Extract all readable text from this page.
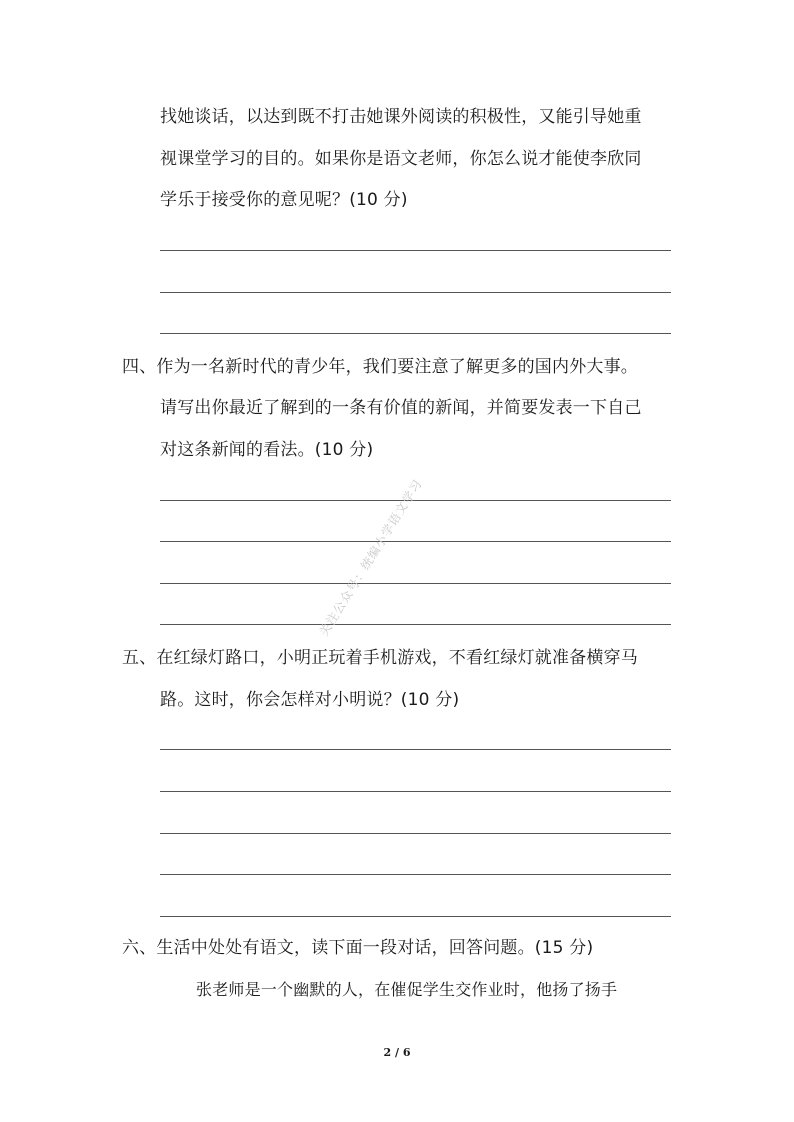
找她谈话，以达到既不打击她课外阅读的积极性，又能引导她重
视课堂学习的目的。如果你是语文老师，你怎么说才能使李欣同
学乐于接受你的意见呢？(10 分)
四、作为一名新时代的青少年，我们要注意了解更多的国内外大事。
请写出你最近了解到的一条有价值的新闻，并简要发表一下自己
对这条新闻的看法。(10 分)
五、在红绿灯路口，小明正玩着手机游戏，不看红绿灯就准备横穿马
路。这时，你会怎样对小明说？(10 分)
六、生活中处处有语文，读下面一段对话，回答问题。(15 分)
张老师是一个幽默的人，在催促学生交作业时，他扬了扬手
关注公众号：统编小学语文学习
2 / 6
